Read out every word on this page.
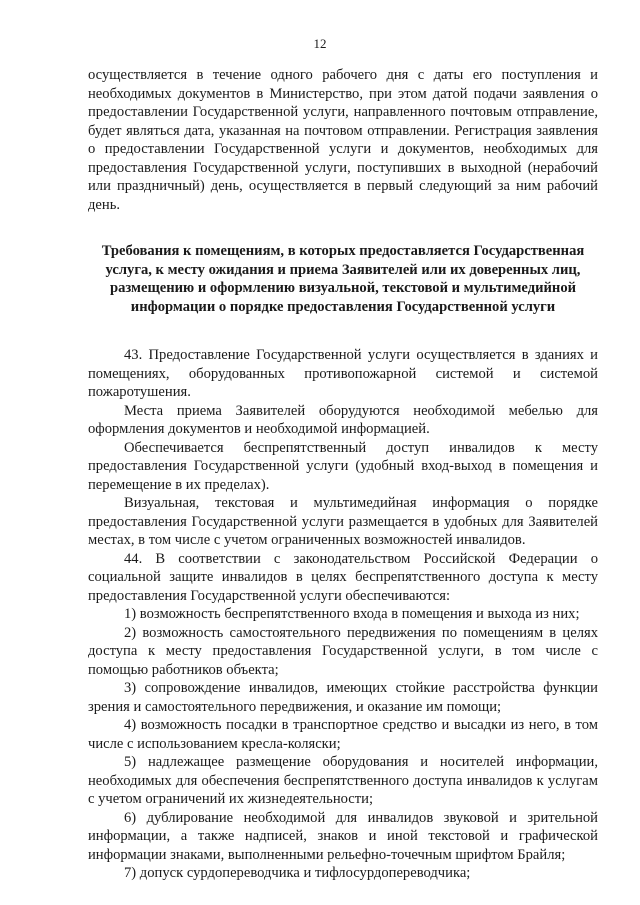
12

осуществляется в течение одного рабочего дня с даты его поступления и необходимых документов в Министерство, при этом датой подачи заявления о предоставлении Государственной услуги, направленного почтовым отправление, будет являться дата, указанная на почтовом отправлении. Регистрация заявления о предоставлении Государственной услуги и документов, необходимых для предоставления Государственной услуги, поступивших в выходной (нерабочий или праздничный) день, осуществляется в первый следующий за ним рабочий день.

Требования к помещениям, в которых предоставляется Государственная услуга, к месту ожидания и приема Заявителей или их доверенных лиц, размещению и оформлению визуальной, текстовой и мультимедийной информации о порядке предоставления Государственной услуги

43. Предоставление Государственной услуги осуществляется в зданиях и помещениях, оборудованных противопожарной системой и системой пожаротушения.

Места приема Заявителей оборудуются необходимой мебелью для оформления документов и необходимой информацией.

Обеспечивается беспрепятственный доступ инвалидов к месту предоставления Государственной услуги (удобный вход-выход в помещения и перемещение в их пределах).

Визуальная, текстовая и мультимедийная информация о порядке предоставления Государственной услуги размещается в удобных для Заявителей местах, в том числе с учетом ограниченных возможностей инвалидов.

44. В соответствии с законодательством Российской Федерации о социальной защите инвалидов в целях беспрепятственного доступа к месту предоставления Государственной услуги обеспечиваются:

1) возможность беспрепятственного входа в помещения и выхода из них;

2) возможность самостоятельного передвижения по помещениям в целях доступа к месту предоставления Государственной услуги, в том числе с помощью работников объекта;

3) сопровождение инвалидов, имеющих стойкие расстройства функции зрения и самостоятельного передвижения, и оказание им помощи;

4) возможность посадки в транспортное средство и высадки из него, в том числе с использованием кресла-коляски;

5) надлежащее размещение оборудования и носителей информации, необходимых для обеспечения беспрепятственного доступа инвалидов к услугам с учетом ограничений их жизнедеятельности;

6) дублирование необходимой для инвалидов звуковой и зрительной информации, а также надписей, знаков и иной текстовой и графической информации знаками, выполненными рельефно-точечным шрифтом Брайля;

7) допуск сурдопереводчика и тифлосурдопереводчика;
